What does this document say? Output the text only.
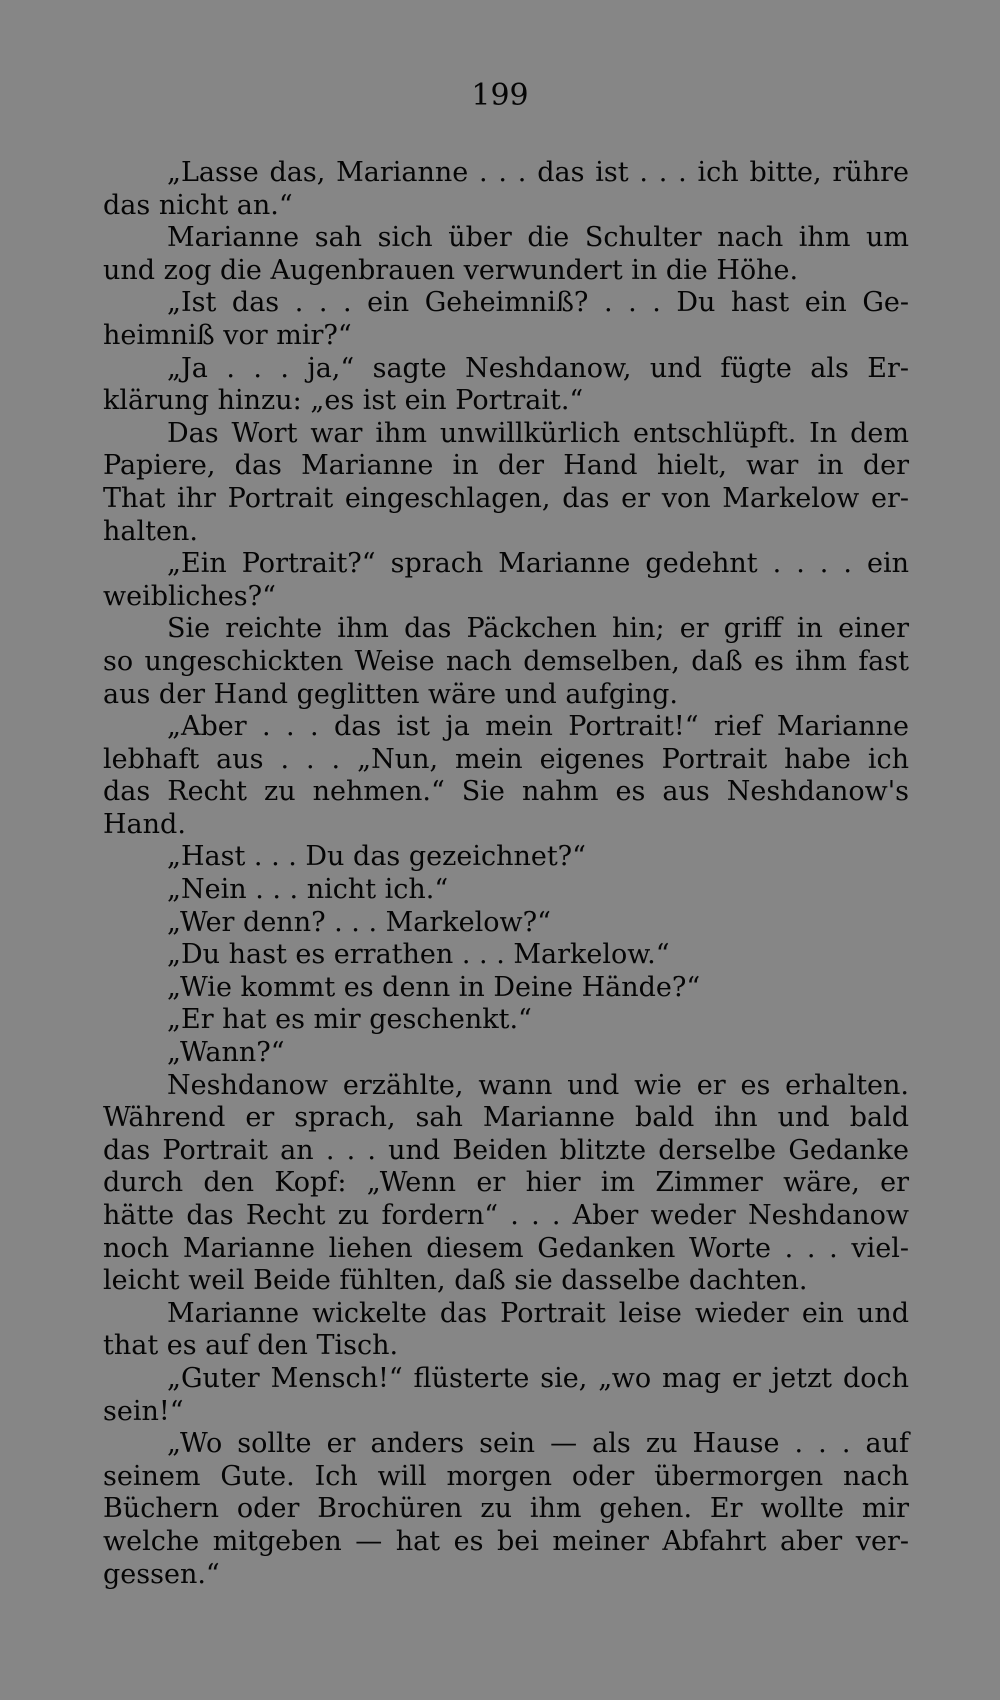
199
„Lasse das, Marianne . . . das ist . . . ich bitte, rühre
das nicht an.“
Marianne sah sich über die Schulter nach ihm um
und zog die Augenbrauen verwundert in die Höhe.
„Ist das . . . ein Geheimniß? . . . Du hast ein Ge-
heimniß vor mir?“
„Ja . . . ja,“ sagte Neshdanow, und fügte als Er-
klärung hinzu: „es ist ein Portrait.“
Das Wort war ihm unwillkürlich entschlüpft. In dem
Papiere, das Marianne in der Hand hielt, war in der
That ihr Portrait eingeschlagen, das er von Markelow er-
halten.
„Ein Portrait?“ sprach Marianne gedehnt . . . . ein
weibliches?“
Sie reichte ihm das Päckchen hin; er griff in einer
so ungeschickten Weise nach demselben, daß es ihm fast
aus der Hand geglitten wäre und aufging.
„Aber . . . das ist ja mein Portrait!“ rief Marianne
lebhaft aus . . . „Nun, mein eigenes Portrait habe ich
das Recht zu nehmen.“ Sie nahm es aus Neshdanow's
Hand.
„Hast . . . Du das gezeichnet?“
„Nein . . . nicht ich.“
„Wer denn? . . . Markelow?“
„Du hast es errathen . . . Markelow.“
„Wie kommt es denn in Deine Hände?“
„Er hat es mir geschenkt.“
„Wann?“
Neshdanow erzählte, wann und wie er es erhalten.
Während er sprach, sah Marianne bald ihn und bald
das Portrait an . . . und Beiden blitzte derselbe Gedanke
durch den Kopf: „Wenn er hier im Zimmer wäre, er
hätte das Recht zu fordern“ . . . Aber weder Neshdanow
noch Marianne liehen diesem Gedanken Worte . . . viel-
leicht weil Beide fühlten, daß sie dasselbe dachten.
Marianne wickelte das Portrait leise wieder ein und
that es auf den Tisch.
„Guter Mensch!“ flüsterte sie, „wo mag er jetzt doch
sein!“
„Wo sollte er anders sein — als zu Hause . . . auf
seinem Gute. Ich will morgen oder übermorgen nach
Büchern oder Brochüren zu ihm gehen. Er wollte mir
welche mitgeben — hat es bei meiner Abfahrt aber ver-
gessen.“
